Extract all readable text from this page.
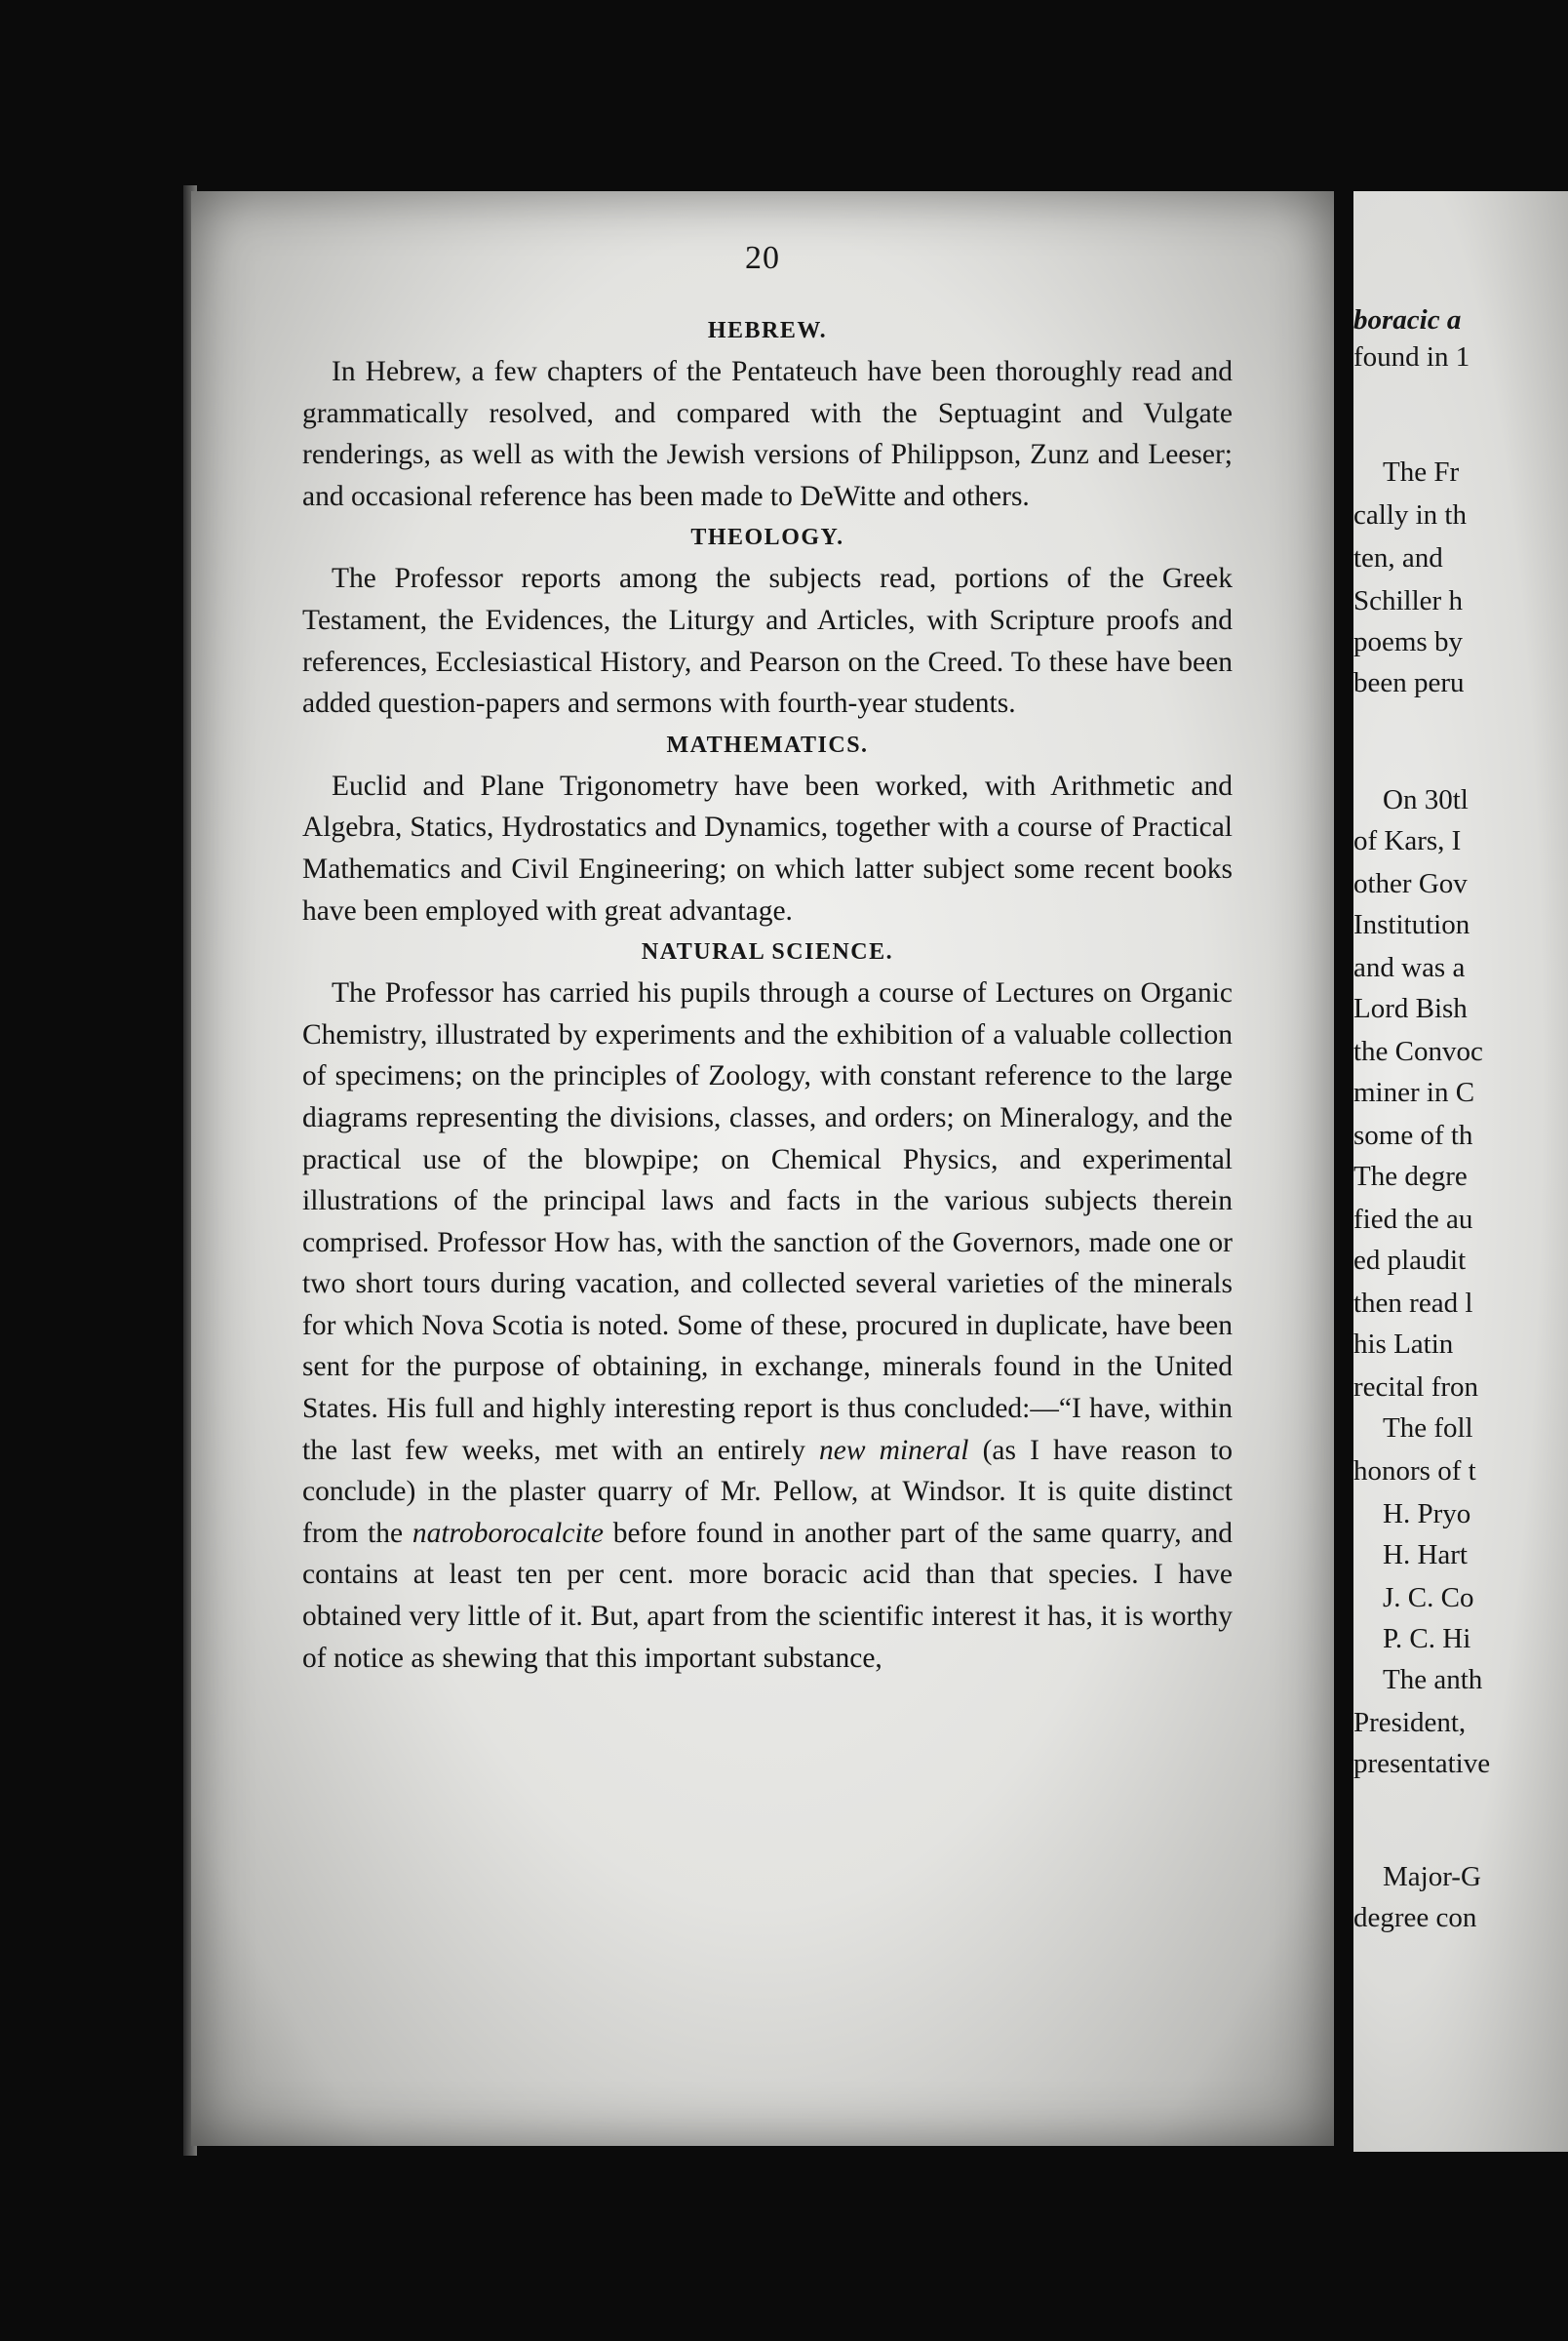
20
HEBREW.

In Hebrew, a few chapters of the Pentateuch have been thoroughly read and grammatically resolved, and compared with the Septuagint and Vulgate renderings, as well as with the Jewish versions of Philippson, Zunz and Leeser; and occasional reference has been made to DeWitte and others.

THEOLOGY.

The Professor reports among the subjects read, portions of the Greek Testament, the Evidences, the Liturgy and Articles, with Scripture proofs and references, Ecclesiastical History, and Pearson on the Creed. To these have been added question-papers and sermons with fourth-year students.

MATHEMATICS.

Euclid and Plane Trigonometry have been worked, with Arithmetic and Algebra, Statics, Hydrostatics and Dynamics, together with a course of Practical Mathematics and Civil Engineering; on which latter subject some recent books have been employed with great advantage.

NATURAL SCIENCE.

The Professor has carried his pupils through a course of Lectures on Organic Chemistry, illustrated by experiments and the exhibition of a valuable collection of specimens; on the principles of Zoology, with constant reference to the large diagrams representing the divisions, classes, and orders; on Mineralogy, and the practical use of the blowpipe; on Chemical Physics, and experimental illustrations of the principal laws and facts in the various subjects therein comprised. Professor How has, with the sanction of the Governors, made one or two short tours during vacation, and collected several varieties of the minerals for which Nova Scotia is noted. Some of these, procured in duplicate, have been sent for the purpose of obtaining, in exchange, minerals found in the United States. His full and highly interesting report is thus concluded:—“I have, within the last few weeks, met with an entirely new mineral (as I have reason to conclude) in the plaster quarry of Mr. Pellow, at Windsor. It is quite distinct from the natroborocalcite before found in another part of the same quarry, and contains at least ten per cent. more boracic acid than that species. I have obtained very little of it. But, apart from the scientific interest it has, it is worthy of notice as shewing that this important substance,

boracic a
found in 1
The Fr
cally in th
ten, and
Schiller h
poems by
been peru
On 30tl
of Kars, I
other Gov
Institution
and was a
Lord Bish
the Convoc
miner in C
some of th
The degre
fied the au
ed plaudit
then read l
his Latin
recital fron
The foll
honors of t
H. Pryo
H. Hart
J. C. Co
P. C. Hi
The anth
President,
presentative
Major-G
degree con
